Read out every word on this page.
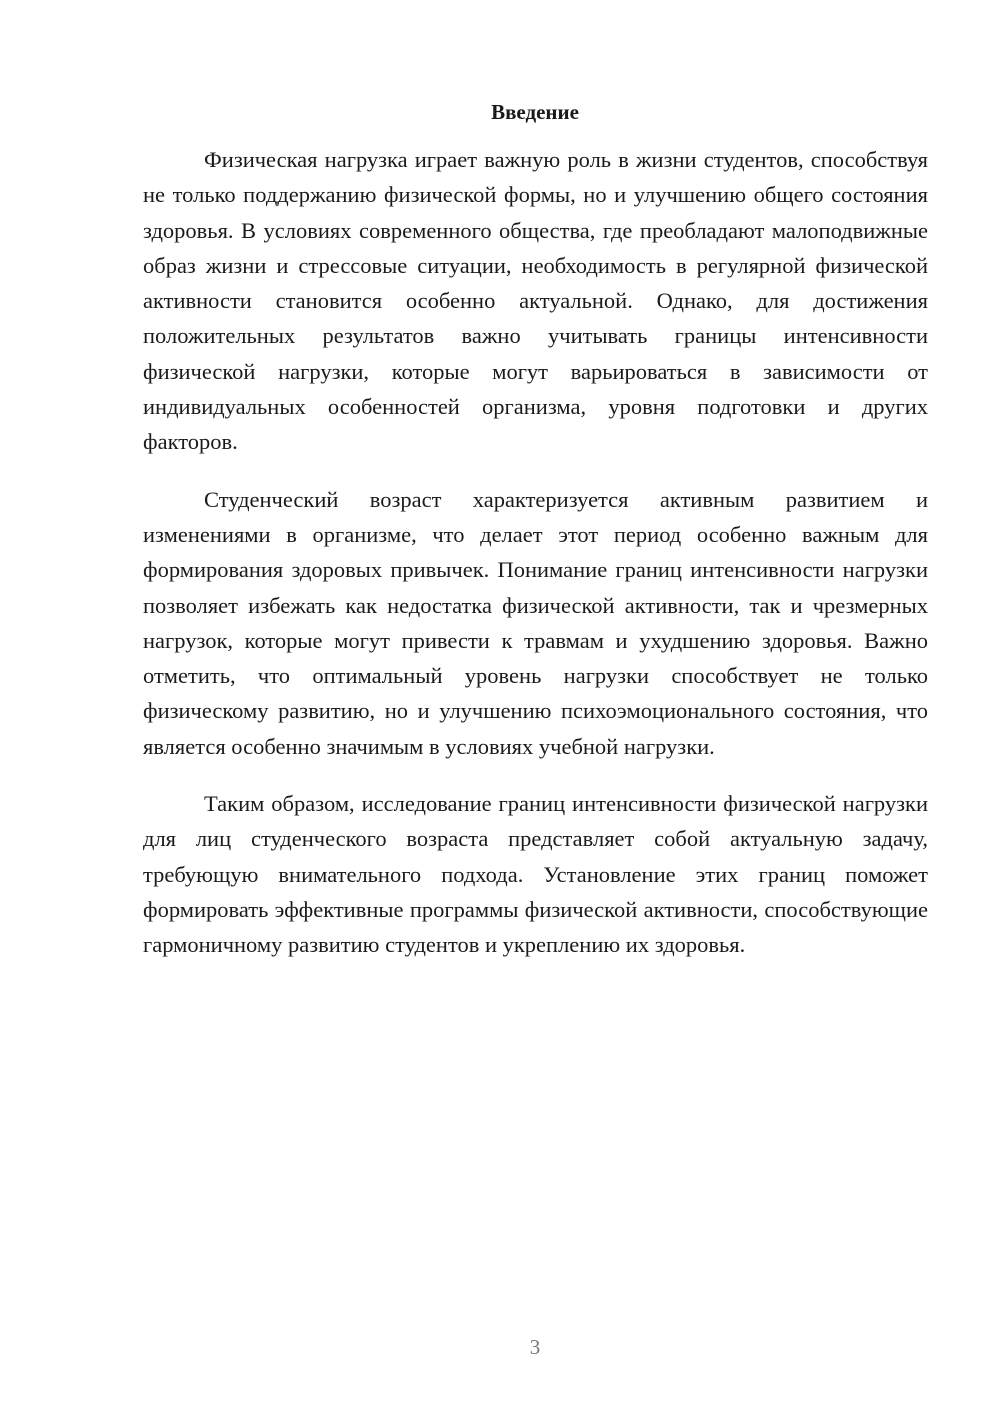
Введение

Физическая нагрузка играет важную роль в жизни студентов, способствуя не только поддержанию физической формы, но и улучшению общего состояния здоровья. В условиях современного общества, где преобладают малоподвижные образ жизни и стрессовые ситуации, необходимость в регулярной физической активности становится особенно актуальной. Однако, для достижения положительных результатов важно учитывать границы интенсивности физической нагрузки, которые могут варьироваться в зависимости от индивидуальных особенностей организма, уровня подготовки и других факторов.

Студенческий возраст характеризуется активным развитием и изменениями в организме, что делает этот период особенно важным для формирования здоровых привычек. Понимание границ интенсивности нагрузки позволяет избежать как недостатка физической активности, так и чрезмерных нагрузок, которые могут привести к травмам и ухудшению здоровья. Важно отметить, что оптимальный уровень нагрузки способствует не только физическому развитию, но и улучшению психоэмоционального состояния, что является особенно значимым в условиях учебной нагрузки.

Таким образом, исследование границ интенсивности физической нагрузки для лиц студенческого возраста представляет собой актуальную задачу, требующую внимательного подхода. Установление этих границ поможет формировать эффективные программы физической активности, способствующие гармоничному развитию студентов и укреплению их здоровья.

3
